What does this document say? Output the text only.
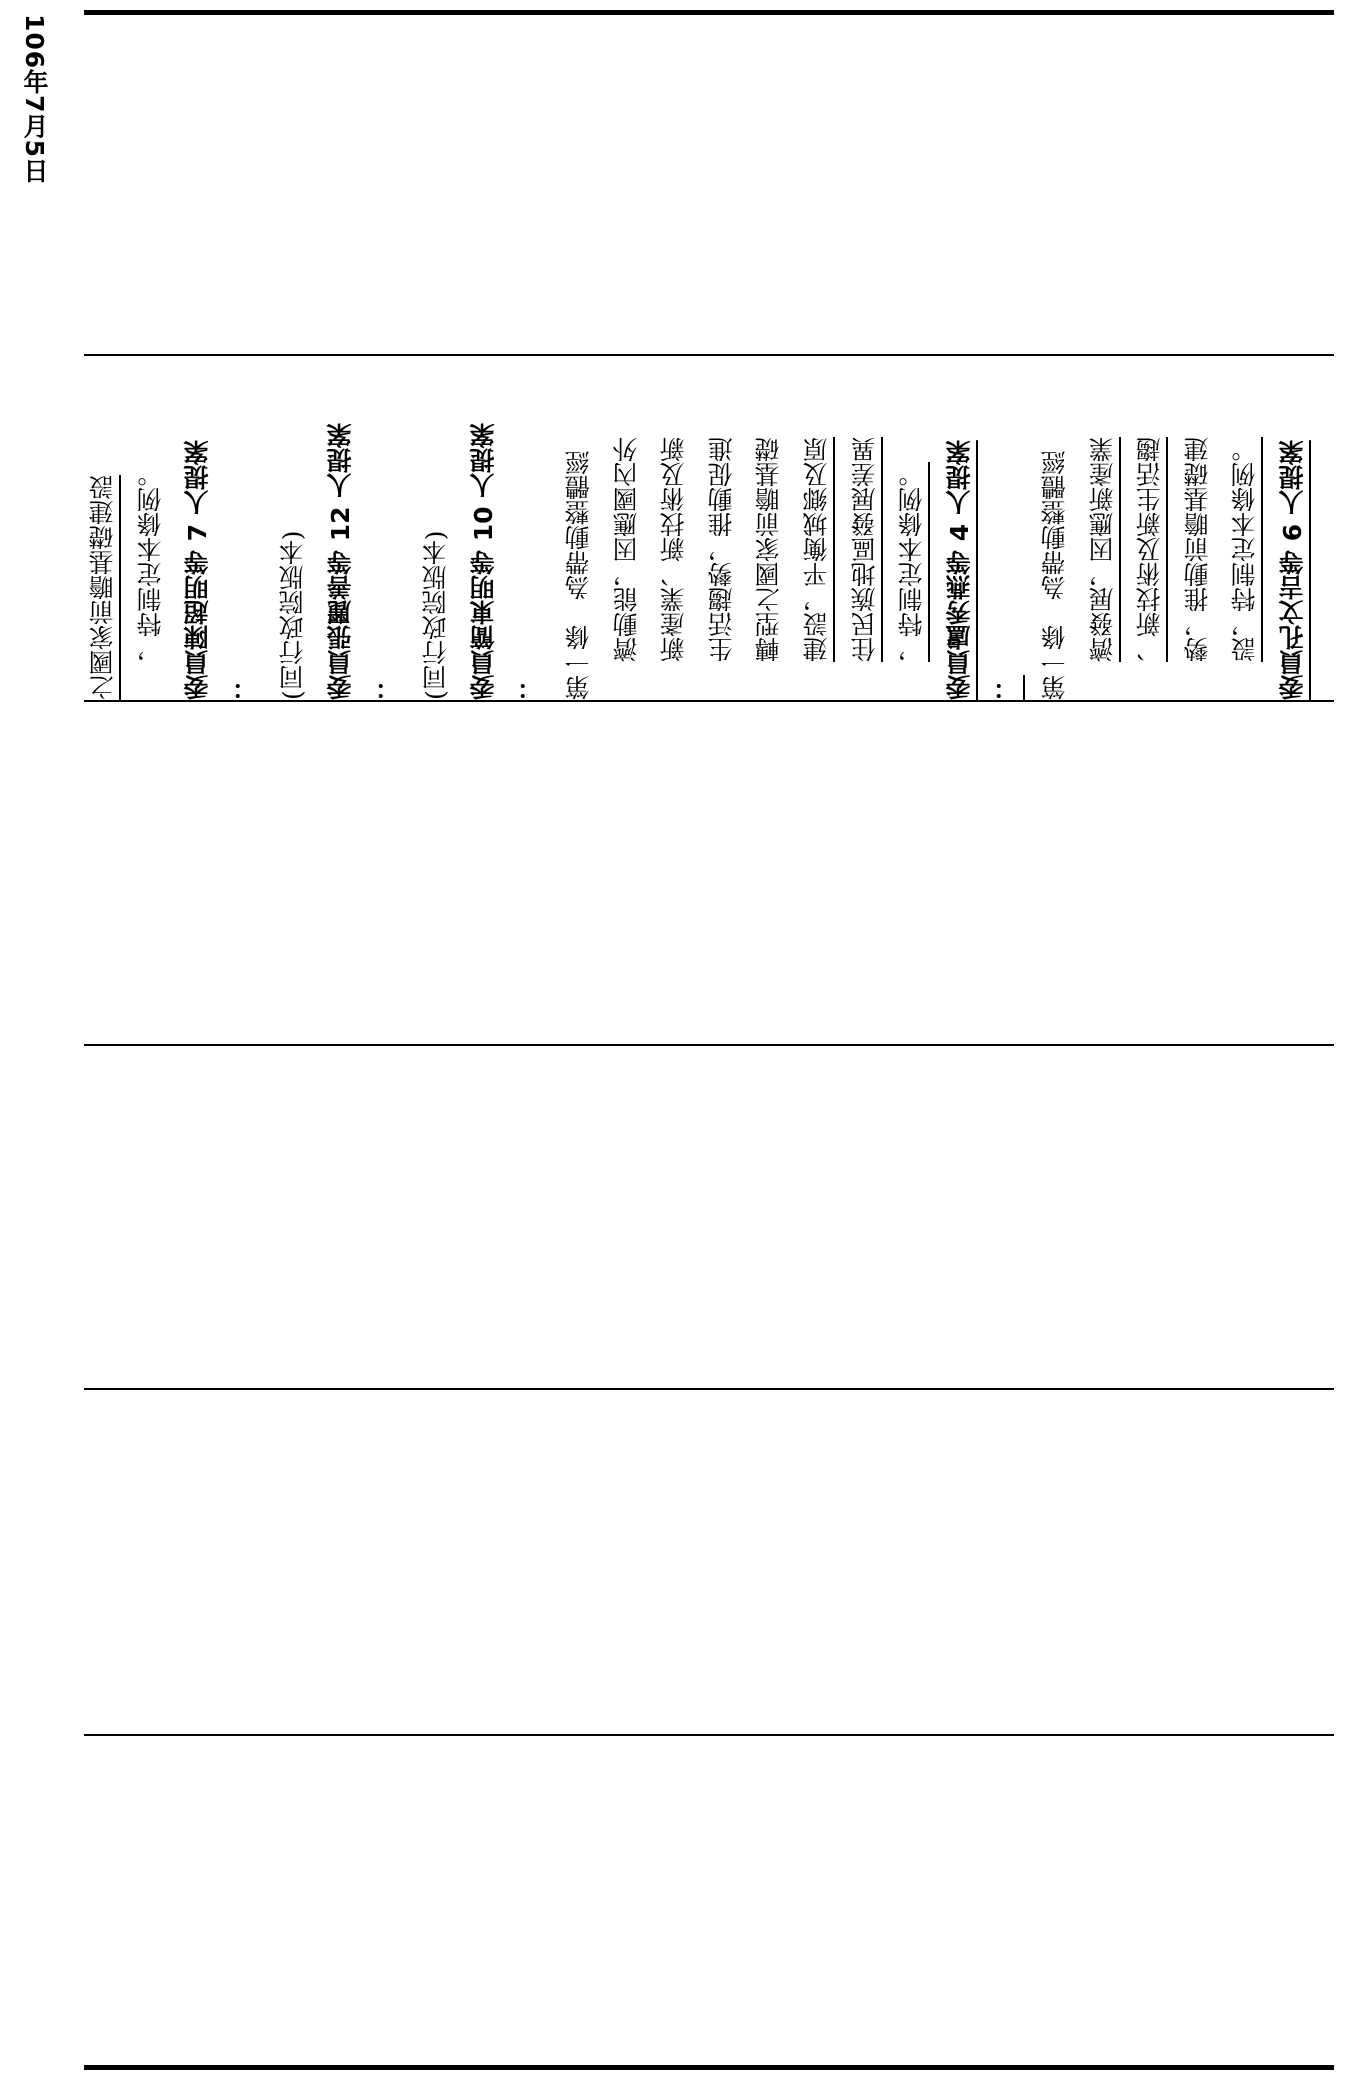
106年7月5日
之國家前瞻基礎建設 ，特制定本條例。 委員陳超明等 7 人提案 ： (同行政院版本) 委員張麗善等 12 人提案 ： (同行政院版本) 委員簡東明等 10 人提案 ： 第一條　為帶動整體經 濟動能，因應國內外 新產業、新技術及新 生活趨勢，推動促進 轉型之國家前瞻基礎 建設，平衡城鄉及原 住民族地區發展差異 ，特制定本條例。 委員盧秀燕等 4 人提案 ： 第一條　為帶動整體經 濟發展，因應新產業 、新技術及新生活趨 勢，推動前瞻基礎建 設，特制定本條例。 委員孔文吉等 6 人提案
